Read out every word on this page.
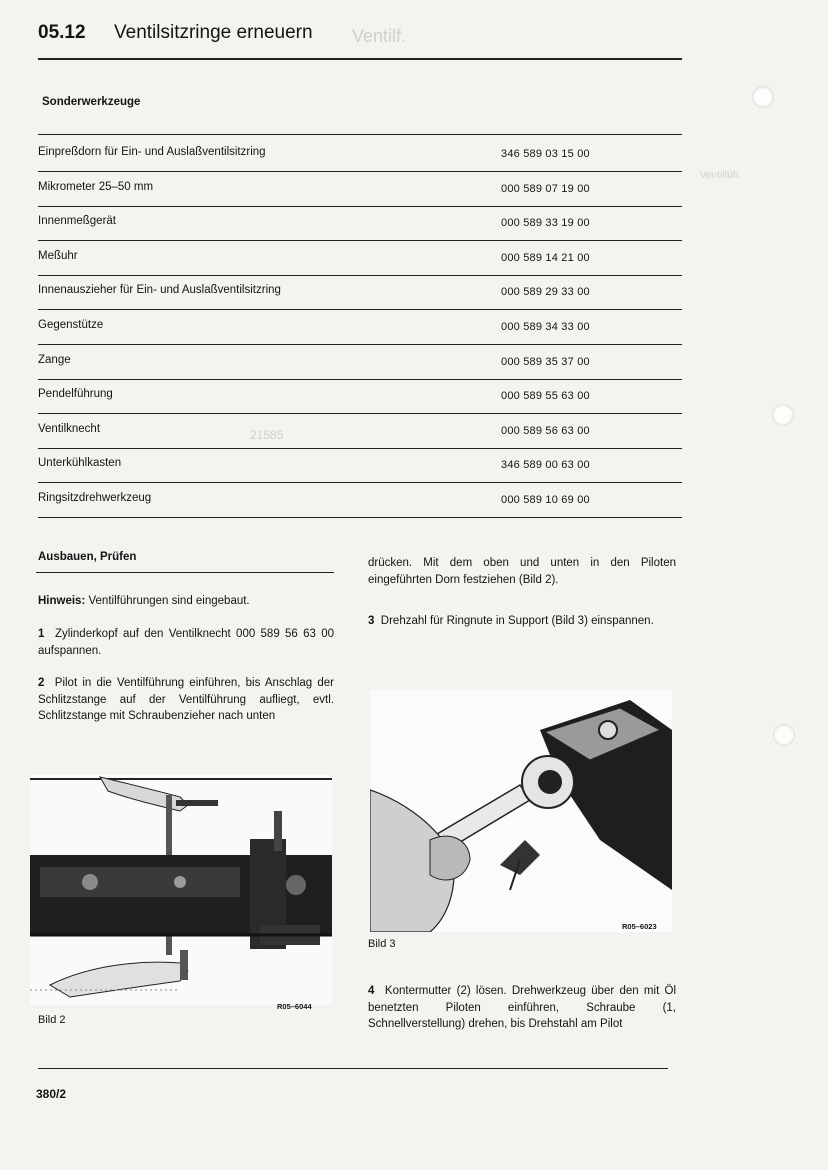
Ventilf.
Ventilfüh.
21585
05.12 Ventilsitzringe erneuern
Sonderwerkzeuge
Einpreßdorn für Ein- und Auslaßventilsitzring	346 589 03 15 00
Mikrometer 25–50 mm	000 589 07 19 00
Innenmeßgerät	000 589 33 19 00
Meßuhr	000 589 14 21 00
Innenauszieher für Ein- und Auslaßventilsitzring	000 589 29 33 00
Gegenstütze	000 589 34 33 00
Zange	000 589 35 37 00
Pendelführung	000 589 55 63 00
Ventilknecht	000 589 56 63 00
Unterkühlkasten	346 589 00 63 00
Ringsitzdrehwerkzeug	000 589 10 69 00
Ausbauen, Prüfen
Hinweis: Ventilführungen sind eingebaut.
1 Zylinderkopf auf den Ventilknecht 000 589 56 63 00 aufspannen.
2 Pilot in die Ventilführung einführen, bis Anschlag der Schlitzstange auf der Ventilführung aufliegt, evtl. Schlitzstange mit Schraubenzieher nach unten
Bild 2
R05–6044
drücken. Mit dem oben und unten in den Piloten eingeführten Dorn festziehen (Bild 2).
3 Drehzahl für Ringnute in Support (Bild 3) einspannen.
Bild 3
R05–6023
4 Kontermutter (2) lösen. Drehwerkzeug über den mit Öl benetzten Piloten einführen, Schraube (1, Schnellverstellung) drehen, bis Drehstahl am Pilot
380/2
